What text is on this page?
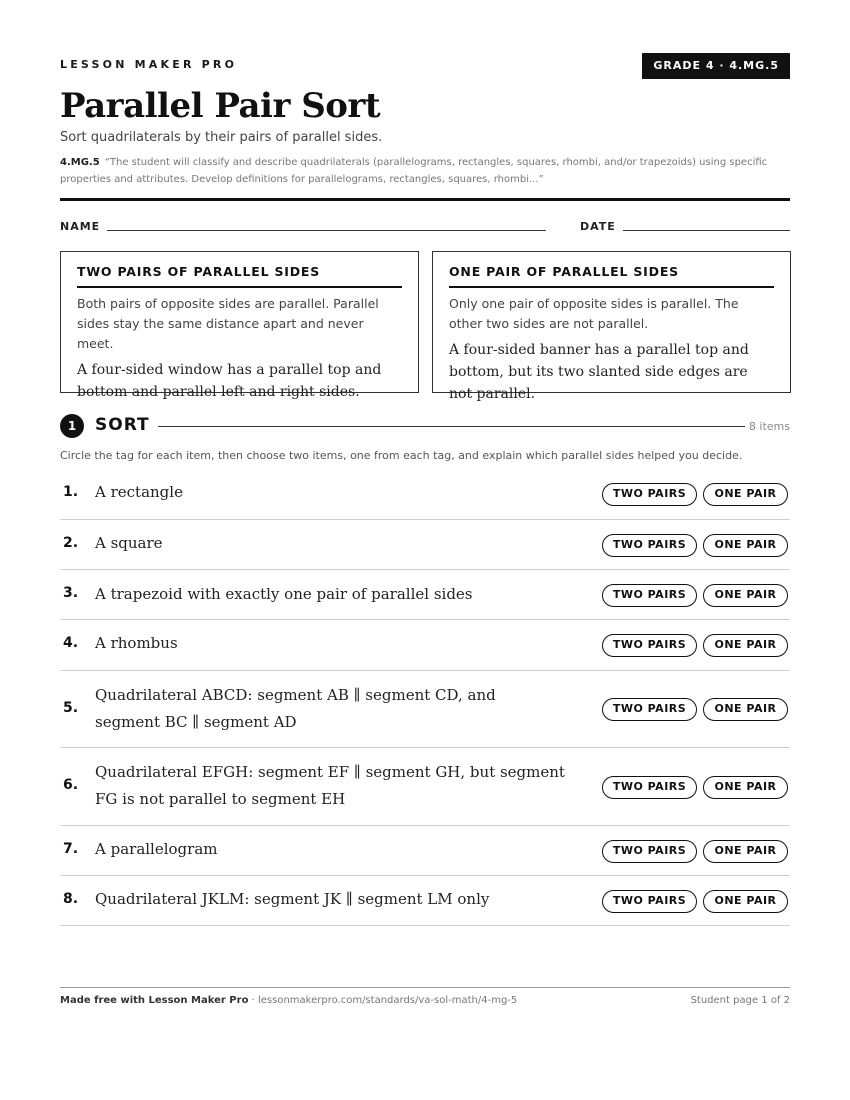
LESSON MAKER PRO	GRADE 4 · 4.MG.5
Parallel Pair Sort
Sort quadrilaterals by their pairs of parallel sides.
4.MG.5 “The student will classify and describe quadrilaterals (parallelograms, rectangles, squares, rhombi, and/or trapezoids) using specific properties and attributes. Develop definitions for parallelograms, rectangles, squares, rhombi...”
NAME	DATE
TWO PAIRS OF PARALLEL SIDES
Both pairs of opposite sides are parallel. Parallel sides stay the same distance apart and never meet.
A four-sided window has a parallel top and bottom and parallel left and right sides.
ONE PAIR OF PARALLEL SIDES
Only one pair of opposite sides is parallel. The other two sides are not parallel.
A four-sided banner has a parallel top and bottom, but its two slanted side edges are not parallel.
1	SORT	8 items
Circle the tag for each item, then choose two items, one from each tag, and explain which parallel sides helped you decide.
1. A rectangle	TWO PAIRS	ONE PAIR
2. A square	TWO PAIRS	ONE PAIR
3. A trapezoid with exactly one pair of parallel sides	TWO PAIRS	ONE PAIR
4. A rhombus	TWO PAIRS	ONE PAIR
5.
Quadrilateral ABCD: segment AB ∥ segment CD, and segment BC ∥ segment AD
TWO PAIRS	ONE PAIR
6.
Quadrilateral EFGH: segment EF ∥ segment GH, but segment FG is not parallel to segment EH
TWO PAIRS	ONE PAIR
7. A parallelogram	TWO PAIRS	ONE PAIR
8. Quadrilateral JKLM: segment JK ∥ segment LM only	TWO PAIRS	ONE PAIR
Made free with Lesson Maker Pro · lessonmakerpro.com/standards/va-sol-math/4-mg-5	Student page 1 of 2
